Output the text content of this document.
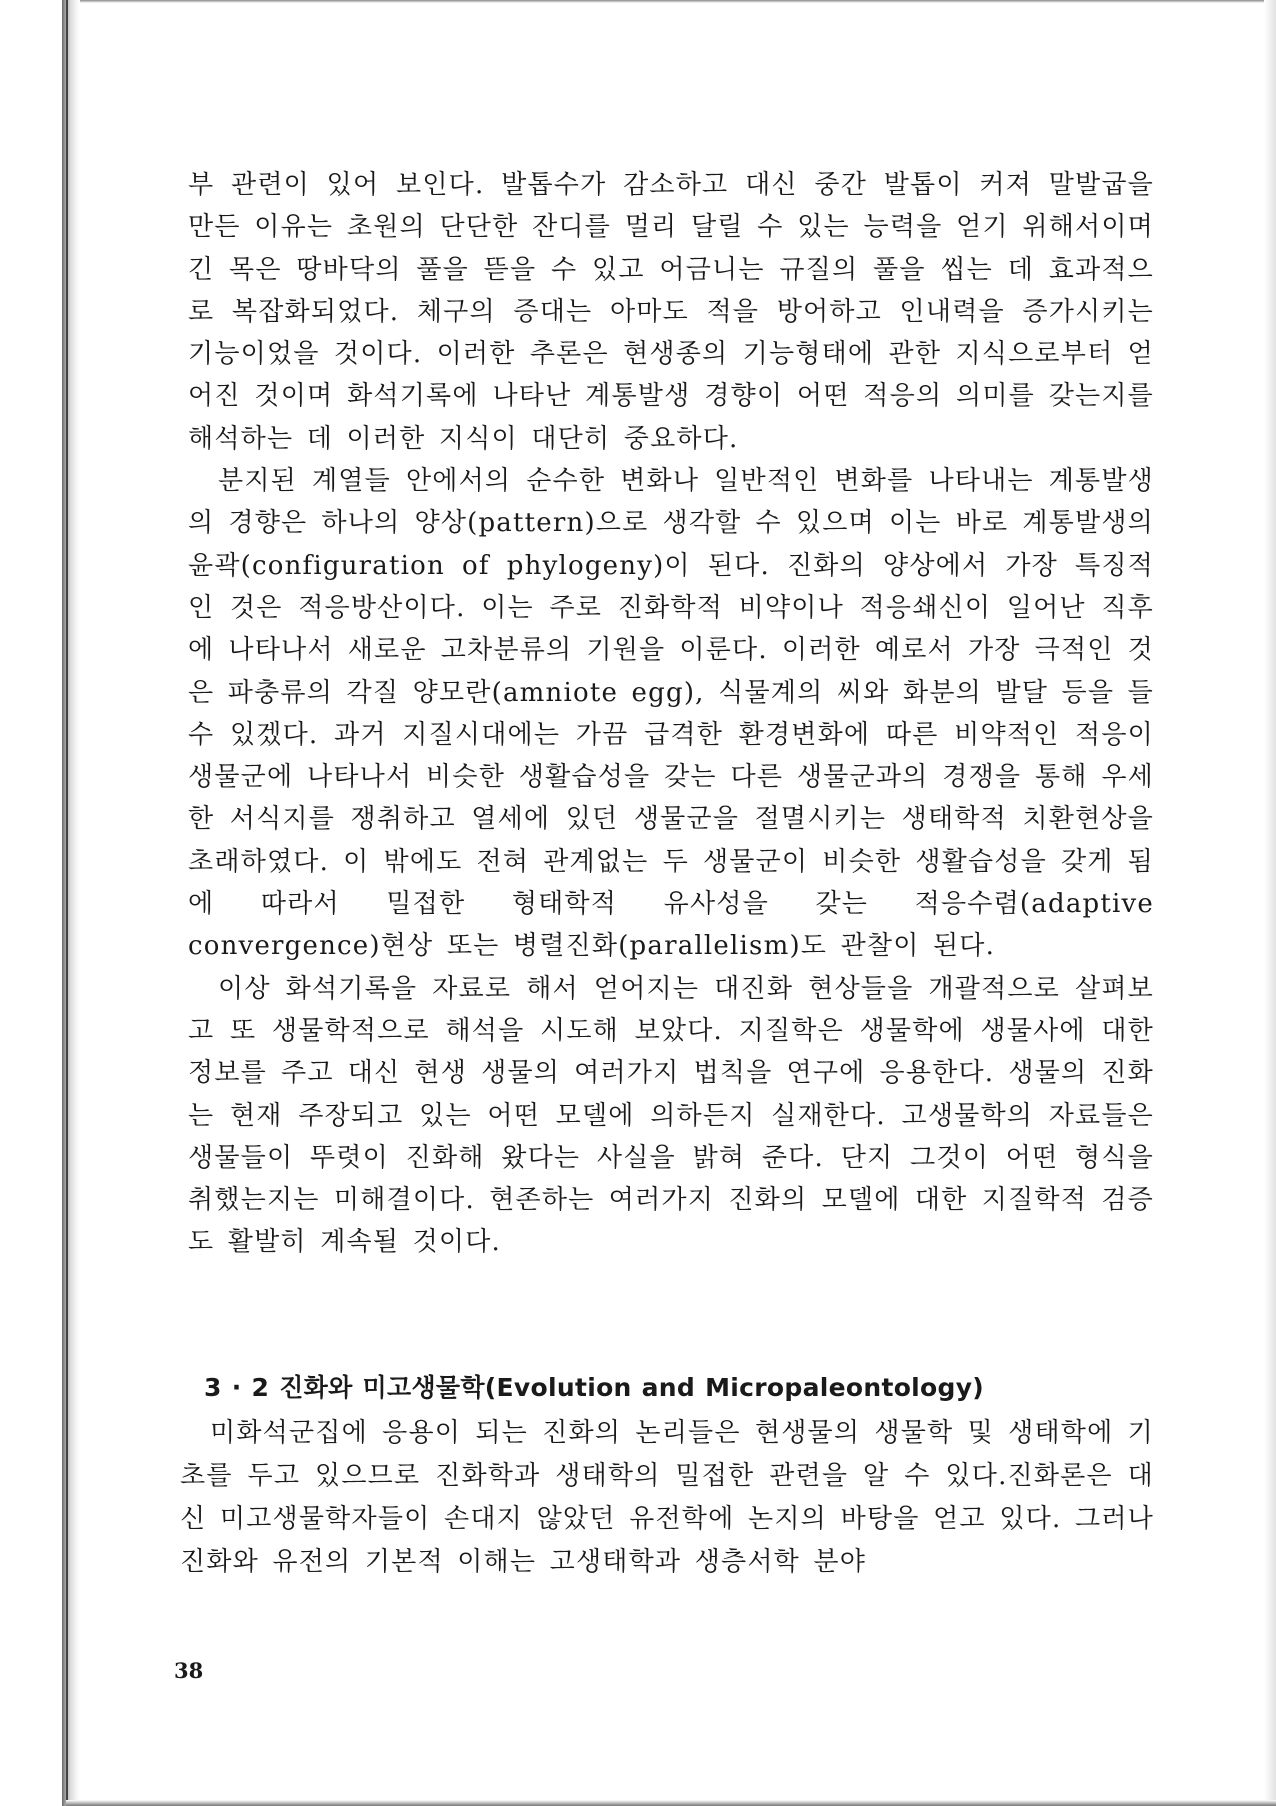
부 관련이 있어 보인다. 발톱수가 감소하고 대신 중간 발톱이 커져 말발굽을 만든 이유는 초원의 단단한 잔디를 멀리 달릴 수 있는 능력을 얻기 위해서이며 긴 목은 땅바닥의 풀을 뜯을 수 있고 어금니는 규질의 풀을 씹는 데 효과적으로 복잡화되었다. 체구의 증대는 아마도 적을 방어하고 인내력을 증가시키는 기능이었을 것이다. 이러한 추론은 현생종의 기능형태에 관한 지식으로부터 얻어진 것이며 화석기록에 나타난 계통발생 경향이 어떤 적응의 의미를 갖는지를 해석하는 데 이러한 지식이 대단히 중요하다.

분지된 계열들 안에서의 순수한 변화나 일반적인 변화를 나타내는 계통발생의 경향은 하나의 양상(pattern)으로 생각할 수 있으며 이는 바로 계통발생의 윤곽(configuration of phylogeny)이 된다. 진화의 양상에서 가장 특징적인 것은 적응방산이다. 이는 주로 진화학적 비약이나 적응쇄신이 일어난 직후에 나타나서 새로운 고차분류의 기원을 이룬다. 이러한 예로서 가장 극적인 것은 파충류의 각질 양모란(amniote egg), 식물계의 씨와 화분의 발달 등을 들 수 있겠다. 과거 지질시대에는 가끔 급격한 환경변화에 따른 비약적인 적응이 생물군에 나타나서 비슷한 생활습성을 갖는 다른 생물군과의 경쟁을 통해 우세한 서식지를 쟁취하고 열세에 있던 생물군을 절멸시키는 생태학적 치환현상을 초래하였다. 이 밖에도 전혀 관계없는 두 생물군이 비슷한 생활습성을 갖게 됨에 따라서 밀접한 형태학적 유사성을 갖는 적응수렴(adaptive convergence)현상 또는 병렬진화(parallelism)도 관찰이 된다.

이상 화석기록을 자료로 해서 얻어지는 대진화 현상들을 개괄적으로 살펴보고 또 생물학적으로 해석을 시도해 보았다. 지질학은 생물학에 생물사에 대한 정보를 주고 대신 현생 생물의 여러가지 법칙을 연구에 응용한다. 생물의 진화는 현재 주장되고 있는 어떤 모델에 의하든지 실재한다. 고생물학의 자료들은 생물들이 뚜렷이 진화해 왔다는 사실을 밝혀 준다. 단지 그것이 어떤 형식을 취했는지는 미해결이다. 현존하는 여러가지 진화의 모델에 대한 지질학적 검증도 활발히 계속될 것이다.

3 · 2 진화와 미고생물학(Evolution and Micropaleontology)

미화석군집에 응용이 되는 진화의 논리들은 현생물의 생물학 및 생태학에 기초를 두고 있으므로 진화학과 생태학의 밀접한 관련을 알 수 있다.진화론은 대신 미고생물학자들이 손대지 않았던 유전학에 논지의 바탕을 얻고 있다. 그러나 진화와 유전의 기본적 이해는 고생태학과 생층서학 분야

38
